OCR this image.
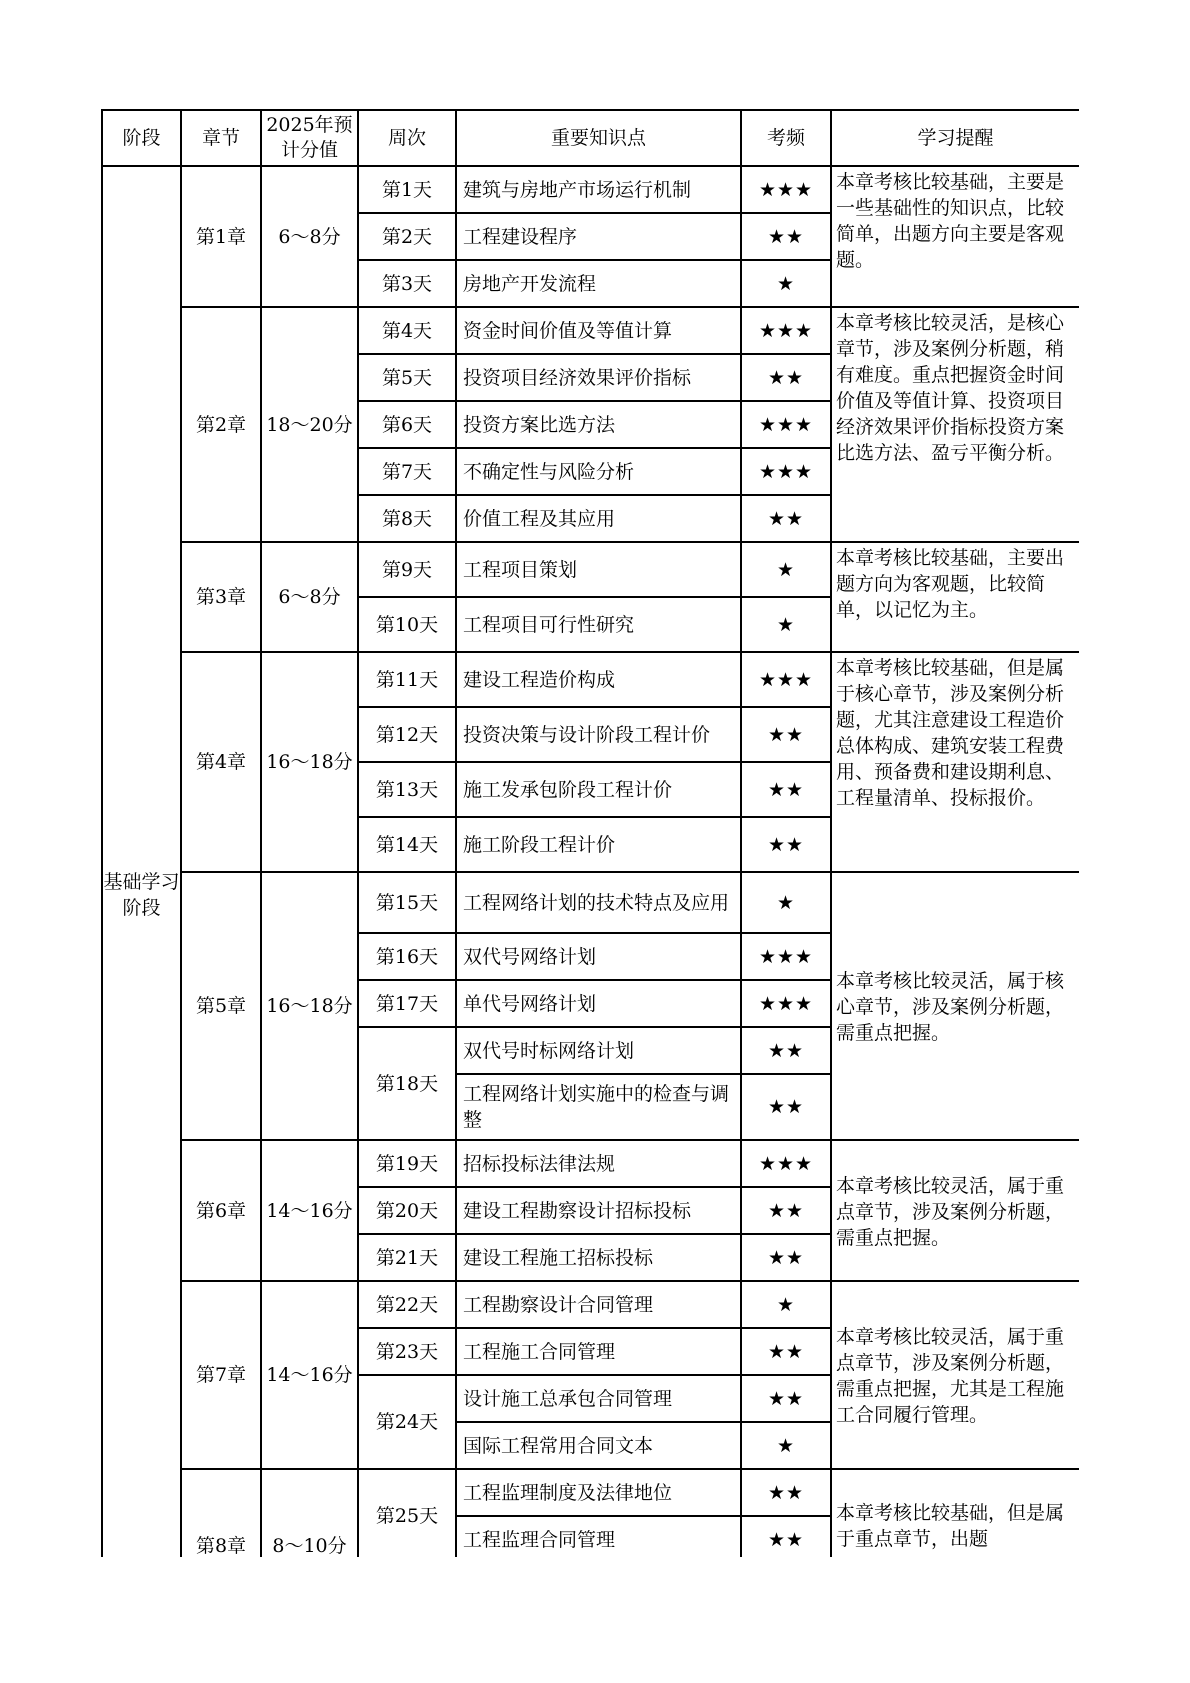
阶段	章节	2025年预计分值	周次	重要知识点	考频	学习提醒
基础学习阶段	第1章	6～8分	第1天	建筑与房地产市场运行机制	★★★	本章考核比较基础，主要是一些基础性的知识点，比较简单，出题方向主要是客观题。
			第2天	工程建设程序	★★	
			第3天	房地产开发流程	★	
	第2章	18～20分	第4天	资金时间价值及等值计算	★★★	本章考核比较灵活，是核心章节，涉及案例分析题，稍有难度。重点把握资金时间价值及等值计算、投资项目经济效果评价指标投资方案比选方法、盈亏平衡分析。
			第5天	投资项目经济效果评价指标	★★	
			第6天	投资方案比选方法	★★★	
			第7天	不确定性与风险分析	★★★	
			第8天	价值工程及其应用	★★	
	第3章	6～8分	第9天	工程项目策划	★	本章考核比较基础，主要出题方向为客观题，比较简单，以记忆为主。
			第10天	工程项目可行性研究	★	
	第4章	16～18分	第11天	建设工程造价构成	★★★	本章考核比较基础，但是属于核心章节，涉及案例分析题，尤其注意建设工程造价总体构成、建筑安装工程费用、预备费和建设期利息、工程量清单、投标报价。
			第12天	投资决策与设计阶段工程计价	★★	
			第13天	施工发承包阶段工程计价	★★	
			第14天	施工阶段工程计价	★★	
	第5章	16～18分	第15天	工程网络计划的技术特点及应用	★	本章考核比较灵活，属于核心章节，涉及案例分析题，需重点把握。
			第16天	双代号网络计划	★★★	
			第17天	单代号网络计划	★★★	
			第18天	双代号时标网络计划	★★	
				工程网络计划实施中的检查与调整	★★	
	第6章	14～16分	第19天	招标投标法律法规	★★★	本章考核比较灵活，属于重点章节，涉及案例分析题，需重点把握。
			第20天	建设工程勘察设计招标投标	★★	
			第21天	建设工程施工招标投标	★★	
	第7章	14～16分	第22天	工程勘察设计合同管理	★	本章考核比较灵活，属于重点章节，涉及案例分析题，需重点把握，尤其是工程施工合同履行管理。
			第23天	工程施工合同管理	★★	
			第24天	设计施工总承包合同管理	★★	
				国际工程常用合同文本	★	
	第8章	8～10分	第25天	工程监理制度及法律地位	★★	本章考核比较基础，但是属于重点章节，出题
				工程监理合同管理	★★	
